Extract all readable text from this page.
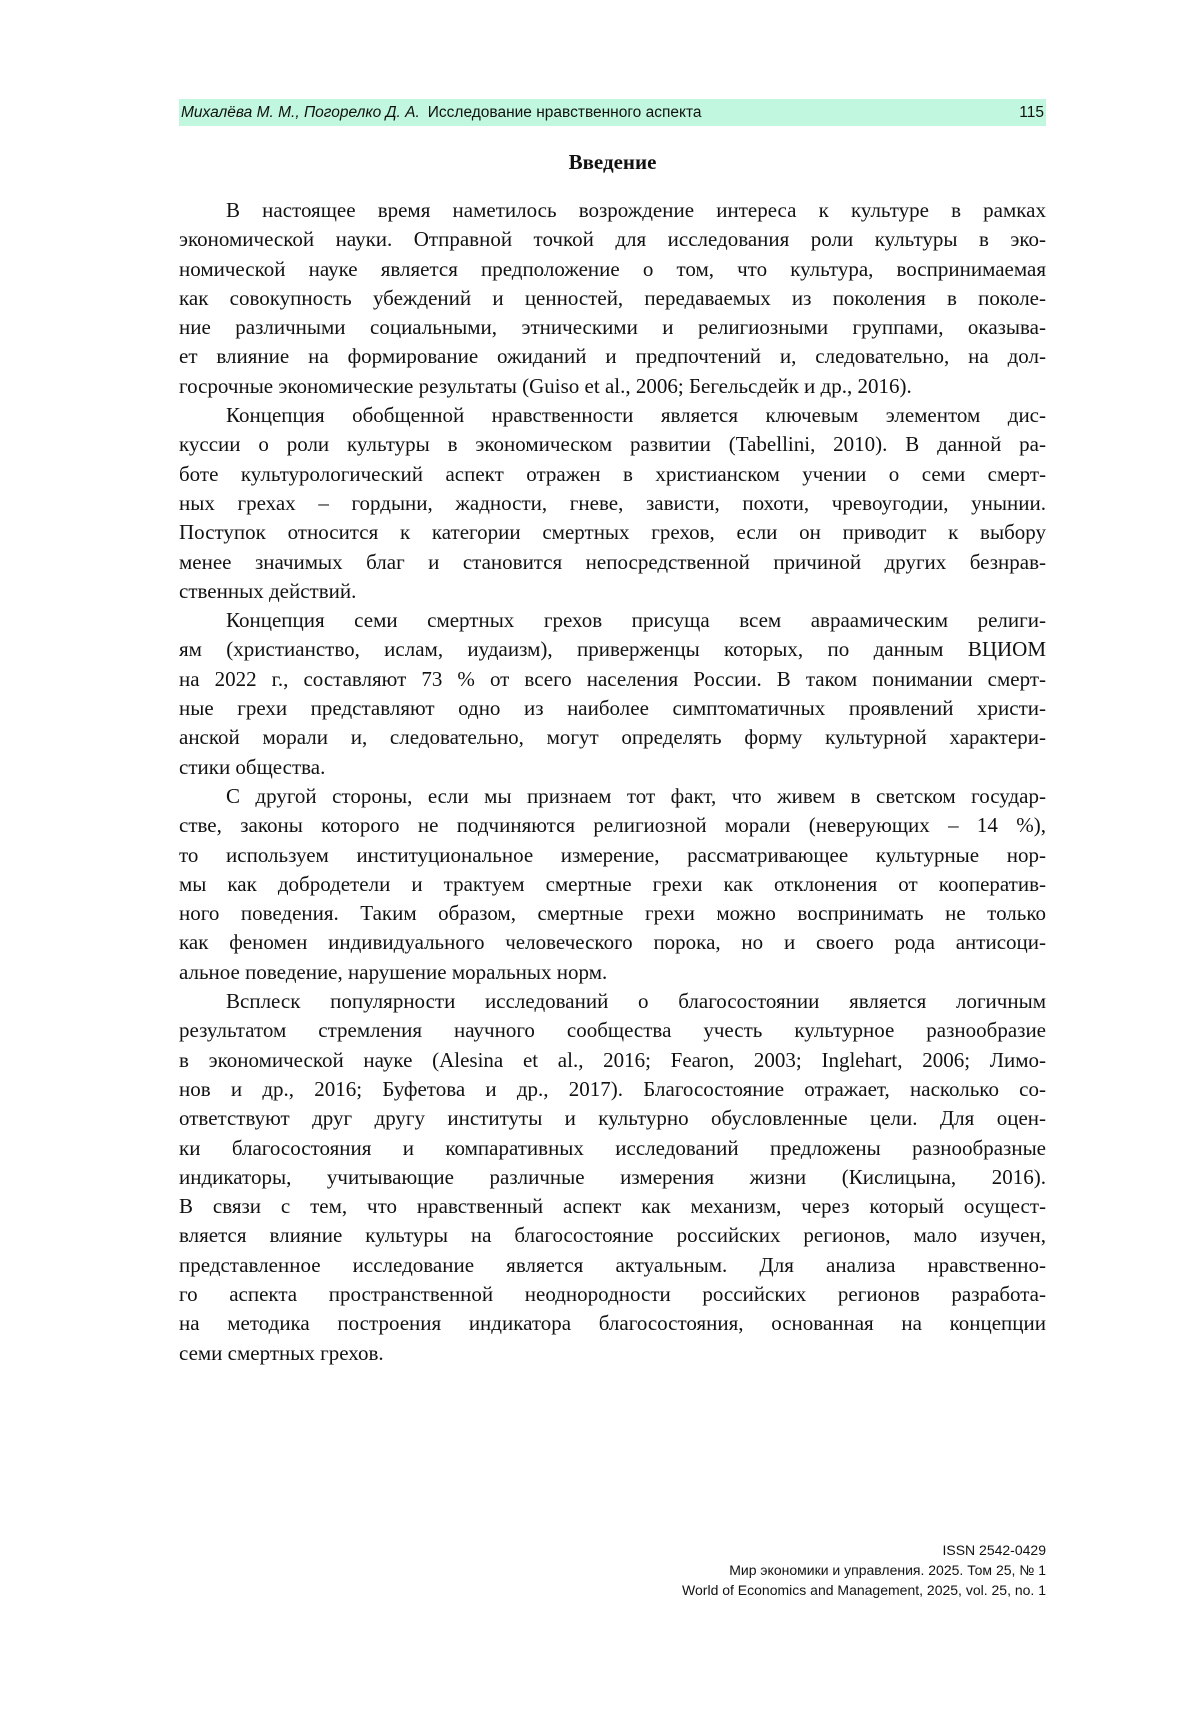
Михалёва М. М., Погорелко Д. А. Исследование нравственного аспекта	115
Введение
В настоящее время наметилось возрождение интереса к культуре в рамках
экономической науки. Отправной точкой для исследования роли культуры в эко-
номической науке является предположение о том, что культура, воспринимаемая
как совокупность убеждений и ценностей, передаваемых из поколения в поколе-
ние различными социальными, этническими и религиозными группами, оказыва-
ет влияние на формирование ожиданий и предпочтений и, следовательно, на дол-
госрочные экономические результаты (Guiso et al., 2006; Бегельсдейк и др., 2016).
Концепция обобщенной нравственности является ключевым элементом дис-
куссии о роли культуры в экономическом развитии (Tabellini, 2010). В данной ра-
боте культурологический аспект отражен в христианском учении о семи смерт-
ных грехах – гордыни, жадности, гневе, зависти, похоти, чревоугодии, унынии.
Поступок относится к категории смертных грехов, если он приводит к выбору
менее значимых благ и становится непосредственной причиной других безнрав-
ственных действий.
Концепция семи смертных грехов присуща всем авраамическим религи-
ям (христианство, ислам, иудаизм), приверженцы которых, по данным ВЦИОМ
на 2022 г., составляют 73 % от всего населения России. В таком понимании смерт-
ные грехи представляют одно из наиболее симптоматичных проявлений христи-
анской морали и, следовательно, могут определять форму культурной характери-
стики общества.
С другой стороны, если мы признаем тот факт, что живем в светском государ-
стве, законы которого не подчиняются религиозной морали (неверующих – 14 %),
то используем институциональное измерение, рассматривающее культурные нор-
мы как добродетели и трактуем смертные грехи как отклонения от кооператив-
ного поведения. Таким образом, смертные грехи можно воспринимать не только
как феномен индивидуального человеческого порока, но и своего рода антисоци-
альное поведение, нарушение моральных норм.
Всплеск популярности исследований о благосостоянии является логичным
результатом стремления научного сообщества учесть культурное разнообразие
в экономической науке (Alesina et al., 2016; Fearon, 2003; Inglehart, 2006; Лимо-
нов и др., 2016; Буфетова и др., 2017). Благосостояние отражает, насколько со-
ответствуют друг другу институты и культурно обусловленные цели. Для оцен-
ки благосостояния и компаративных исследований предложены разнообразные
индикаторы, учитывающие различные измерения жизни (Кислицына, 2016).
В связи с тем, что нравственный аспект как механизм, через который осущест-
вляется влияние культуры на благосостояние российских регионов, мало изучен,
представленное исследование является актуальным. Для анализа нравственно-
го аспекта пространственной неоднородности российских регионов разработа-
на методика построения индикатора благосостояния, основанная на концепции
семи смертных грехов.
ISSN 2542-0429
Мир экономики и управления. 2025. Том 25, № 1
World of Economics and Management, 2025, vol. 25, no. 1
